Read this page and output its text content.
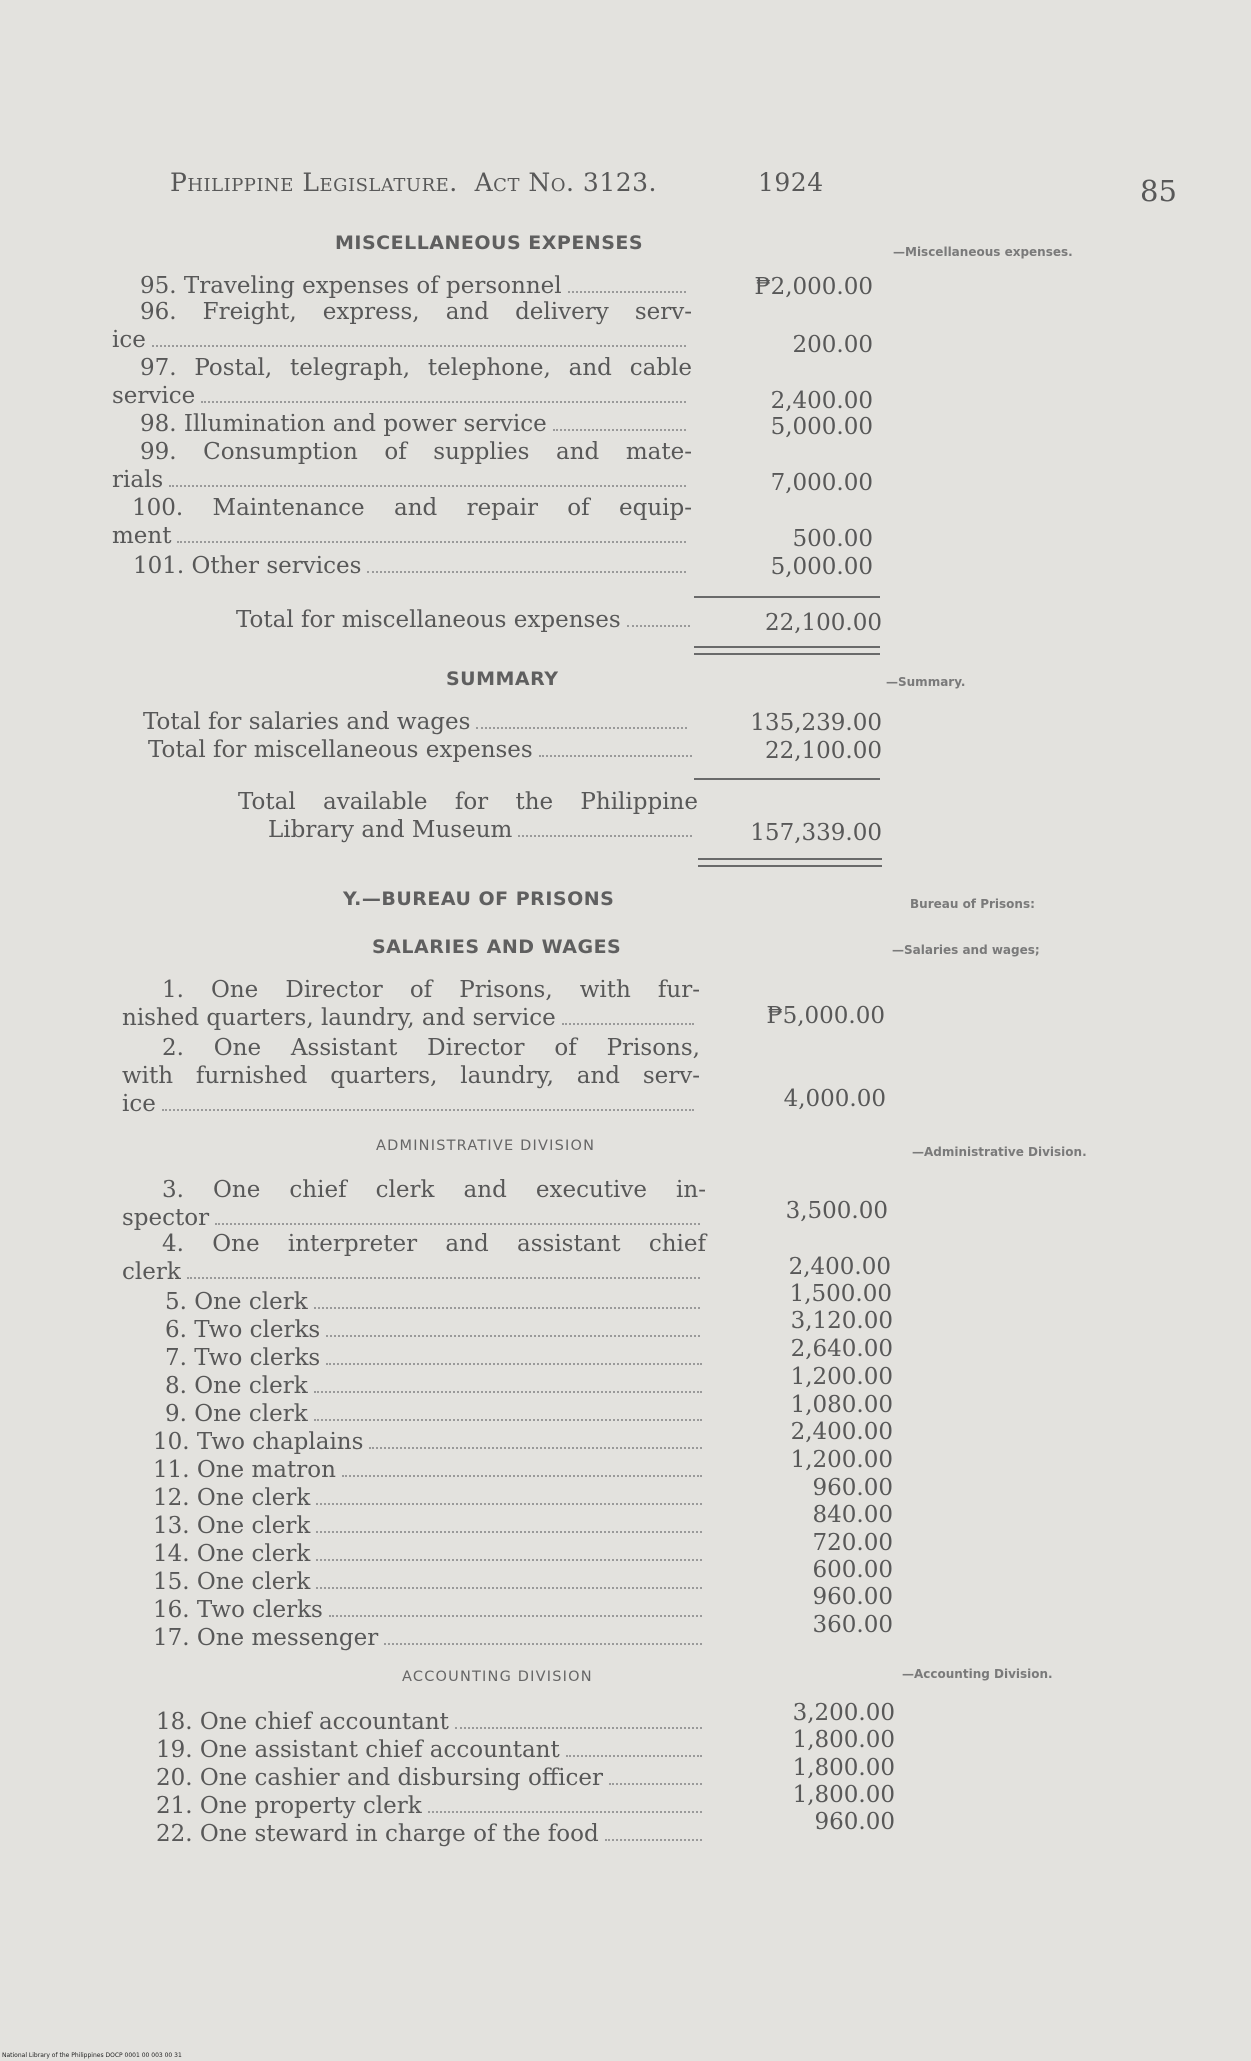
Philippine Legislature. Act No. 3123.	1924	85
MISCELLANEOUS EXPENSES	—Miscellaneous expenses.
95. Traveling expenses of personnel	₱2,000.00
96. Freight, express, and delivery serv-
ice	200.00
97. Postal, telegraph, telephone, and cable
service	2,400.00
98. Illumination and power service	5,000.00
99. Consumption of supplies and mate-
rials	7,000.00
100. Maintenance and repair of equip-
ment	500.00
101. Other services	5,000.00
Total for miscellaneous expenses	22,100.00
SUMMARY	—Summary.
Total for salaries and wages	135,239.00
Total for miscellaneous expenses	22,100.00
Total available for the Philippine
Library and Museum	157,339.00
Y.—BUREAU OF PRISONS	Bureau of Prisons:
SALARIES AND WAGES	—Salaries and wages;
1. One Director of Prisons, with fur-
nished quarters, laundry, and service	₱5,000.00
2. One Assistant Director of Prisons,
with furnished quarters, laundry, and serv-
ice	4,000.00
ADMINISTRATIVE DIVISION	—Administrative Division.
3. One chief clerk and executive in-
spector	3,500.00
4. One interpreter and assistant chief
clerk	2,400.00
5. One clerk	1,500.00
6. Two clerks	3,120.00
7. Two clerks	2,640.00
8. One clerk	1,200.00
9. One clerk	1,080.00
10. Two chaplains	2,400.00
11. One matron	1,200.00
12. One clerk	960.00
13. One clerk	840.00
14. One clerk	720.00
15. One clerk	600.00
16. Two clerks	960.00
17. One messenger	360.00
ACCOUNTING DIVISION	—Accounting Division.
18. One chief accountant	3,200.00
19. One assistant chief accountant	1,800.00
20. One cashier and disbursing officer	1,800.00
21. One property clerk	1,800.00
22. One steward in charge of the food	960.00
National Library of the Philippines DOCP 0001 00 003 00 31
